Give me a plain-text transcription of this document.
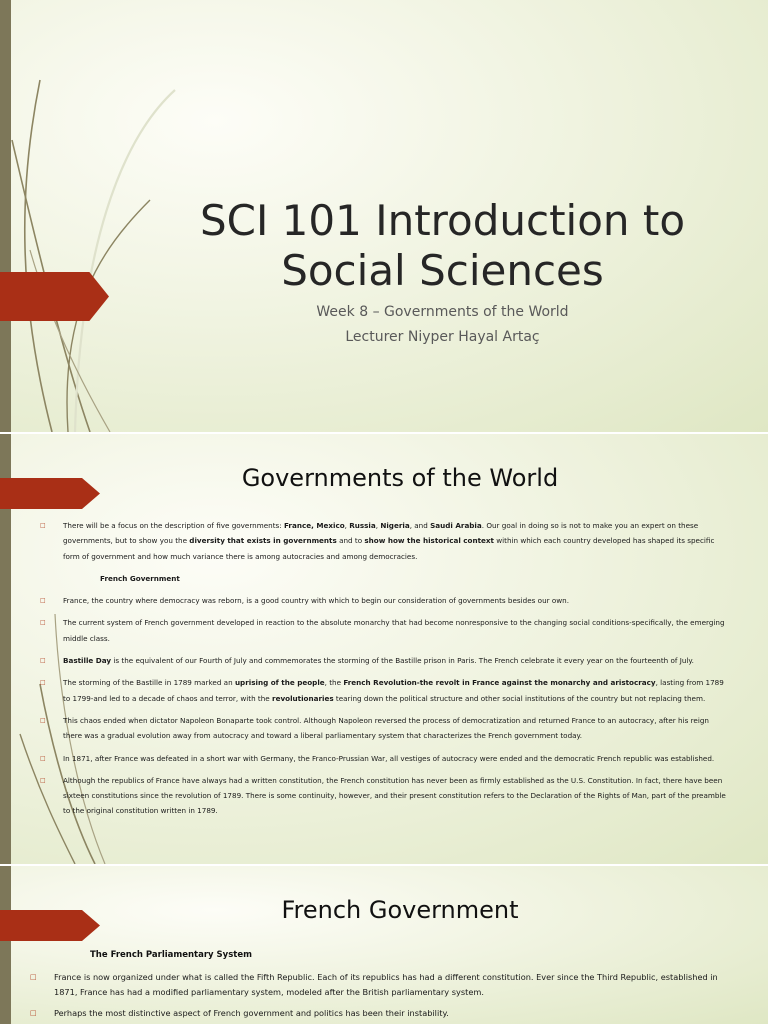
SCI 101 Introduction to Social Sciences
Week 8 – Governments of the World
Lecturer Niyper Hayal Artaç
Governments of the World
□ There will be a focus on the description of five governments: France, Mexico, Russia, Nigeria, and Saudi Arabia. Our goal in doing so is not to make you an expert on these governments, but to show you the diversity that exists in governments and to show how the historical context within which each country developed has shaped its specific form of government and how much variance there is among autocracies and among democracies.
French Government
□ France, the country where democracy was reborn, is a good country with which to begin our consideration of governments besides our own.
□ The current system of French government developed in reaction to the absolute monarchy that had become nonresponsive to the changing social conditions-specifically, the emerging middle class.
□ Bastille Day is the equivalent of our Fourth of July and commemorates the storming of the Bastille prison in Paris. The French celebrate it every year on the fourteenth of July.
□ The storming of the Bastille in 1789 marked an uprising of the people, the French Revolution-the revolt in France against the monarchy and aristocracy, lasting from 1789 to 1799-and led to a decade of chaos and terror, with the revolutionaries tearing down the political structure and other social institutions of the country but not replacing them.
□ This chaos ended when dictator Napoleon Bonaparte took control. Although Napoleon reversed the process of democratization and returned France to an autocracy, after his reign there was a gradual evolution away from autocracy and toward a liberal parliamentary system that characterizes the French government today.
□ In 1871, after France was defeated in a short war with Germany, the Franco-Prussian War, all vestiges of autocracy were ended and the democratic French republic was established.
□ Although the republics of France have always had a written constitution, the French constitution has never been as firmly established as the U.S. Constitution. In fact, there have been sixteen constitutions since the revolution of 1789. There is some continuity, however, and their present constitution refers to the Declaration of the Rights of Man, part of the preamble to the original constitution written in 1789.
French Government
The French Parliamentary System
□ France is now organized under what is called the Fifth Republic. Each of its republics has had a different constitution. Ever since the Third Republic, established in 1871, France has had a modified parliamentary system, modeled after the British parliamentary system.
□ Perhaps the most distinctive aspect of French government and politics has been their instability.
